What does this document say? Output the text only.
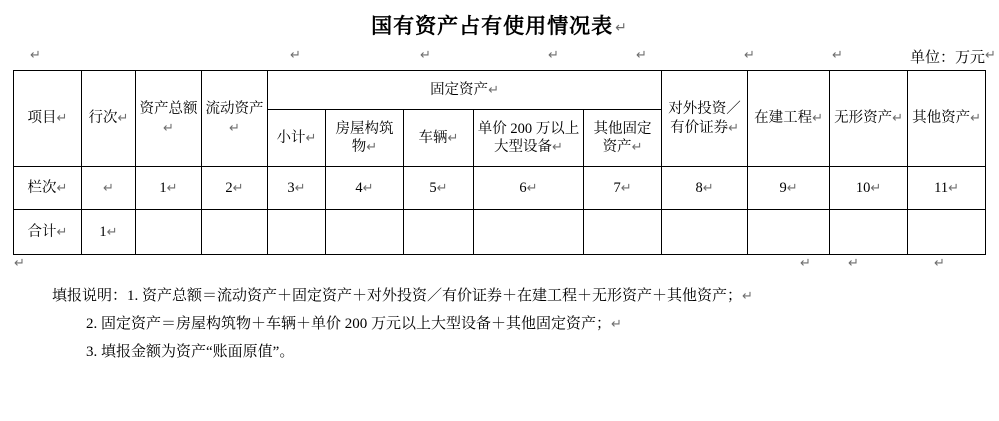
国有资产占有使用情况表 ↵
↵	↵	↵	↵	↵	↵	↵	单位：万元 ↵
项目↵	行次↵	资产总额↵	流动资产↵	固定资产↵					对外投资／有价证券↵	在建工程↵	无形资产↵	其他资产↵
				小计↵	房屋构筑物↵	车辆↵	单价 200 万以上大型设备↵	其他固定资产↵				
栏次↵	↵	1↵	2↵	3↵	4↵	5↵	6↵	7↵	8↵	9↵	10↵	11↵
合计↵	1↵											
↵	↵	↵	↵
填报说明：1. 资产总额＝流动资产＋固定资产＋对外投资／有价证券＋在建工程＋无形资产＋其他资产；↵
2. 固定资产＝房屋构筑物＋车辆＋单价 200 万元以上大型设备＋其他固定资产；↵
3. 填报金额为资产“账面原值”。
